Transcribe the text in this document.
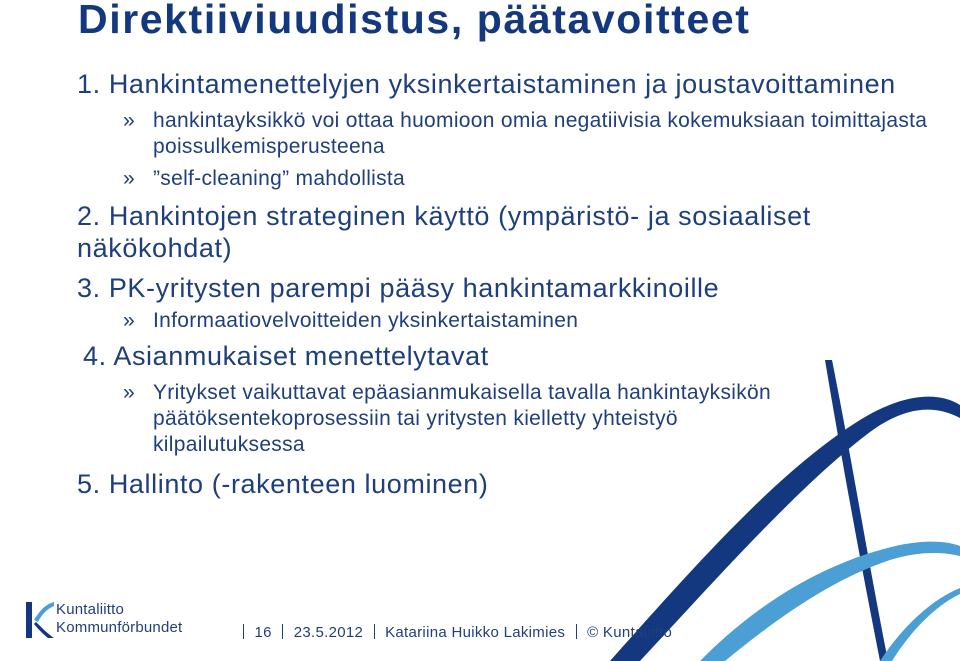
Direktiiviuudistus, päätavoitteet
1. Hankintamenettelyjen yksinkertaistaminen ja joustavoittaminen
» hankintayksikkö voi ottaa huomioon omia negatiivisia kokemuksiaan toimittajasta poissulkemisperusteena
» ”self-cleaning” mahdollista
2. Hankintojen strateginen käyttö (ympäristö- ja sosiaaliset näkökohdat)
3. PK-yritysten parempi pääsy hankintamarkkinoille
» Informaatiovelvoitteiden yksinkertaistaminen
4. Asianmukaiset menettelytavat
» Yritykset vaikuttavat epäasianmukaisella tavalla hankintayksikön päätöksentekoprosessiin tai yritysten kielletty yhteistyö kilpailutuksessa
5. Hallinto (-rakenteen luominen)
Kuntaliitto
Kommunförbundet	16 23.5.2012 Katariina Huikko Lakimies © Kuntaliitto
